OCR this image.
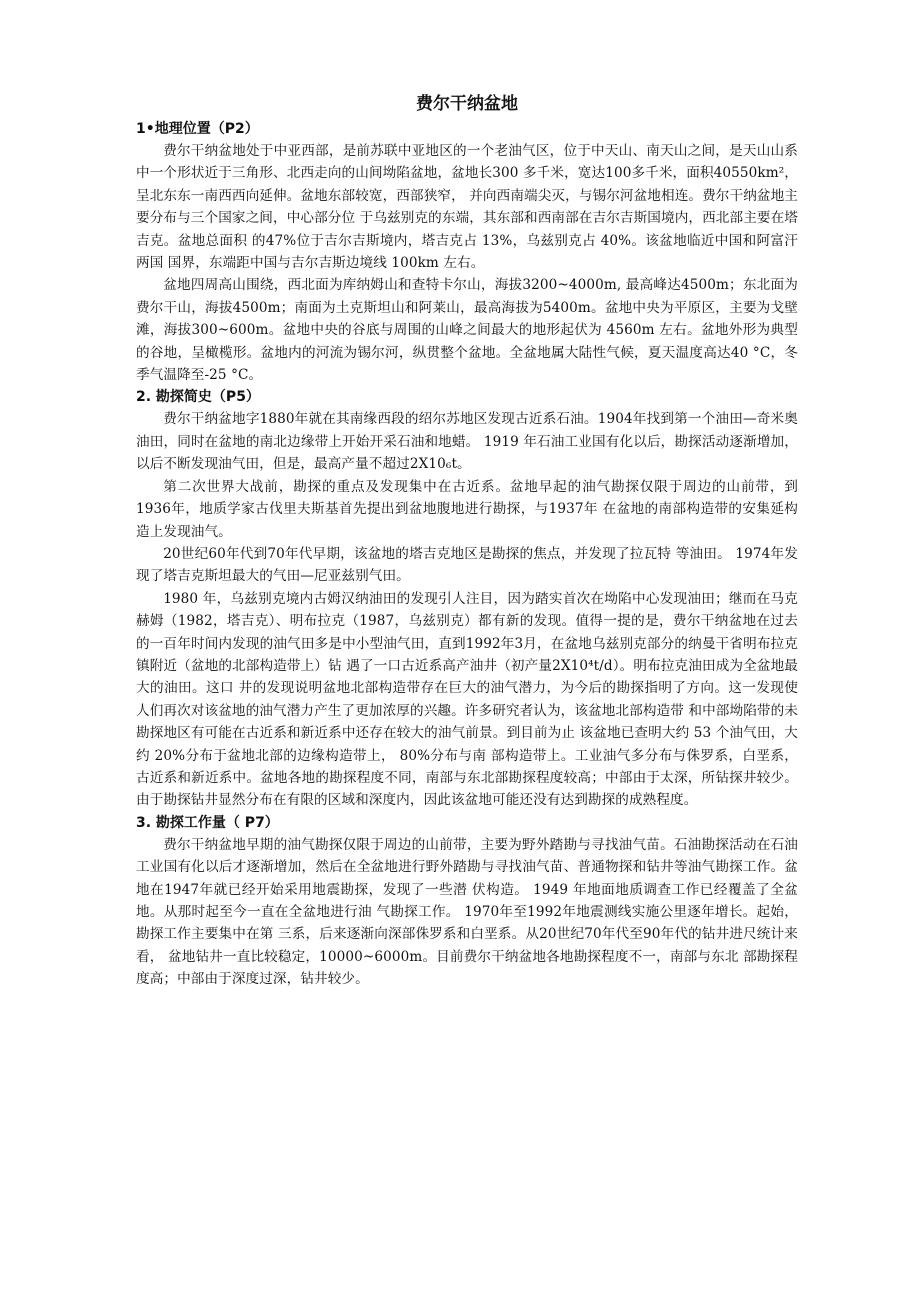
费尔干纳盆地
1•地理位置（P2）

费尔干纳盆地处于中亚西部，是前苏联中亚地区的一个老油气区，位于中天山、南天山之间，是天山山系中一个形状近于三角形、北西走向的山间坳陷盆地，盆地长300 多千米，宽达100多千米，面积40550km²，呈北东东一南西西向延伸。盆地东部较宽，西部狭窄， 并向西南端尖灭，与锡尔河盆地相连。费尔干纳盆地主要分布与三个国家之间，中心部分位 于乌兹别克的东端，其东部和西南部在吉尔吉斯国境内，西北部主要在塔吉克。盆地总面积 的47%位于吉尔吉斯境内，塔吉克占 13%，乌兹别克占 40%。该盆地临近中国和阿富汗两国 国界，东端距中国与吉尔吉斯边境线 100km 左右。

盆地四周高山围绕，西北面为库纳姆山和查特卡尔山，海拔3200~4000m, 最高峰达4500m；东北面为费尔干山，海拔4500m；南面为土克斯坦山和阿莱山，最高海拔为5400m。盆地中央为平原区，主要为戈壁滩，海拔300~600m。盆地中央的谷底与周围的山峰之间最大的地形起伏为 4560m 左右。盆地外形为典型的谷地，呈橄榄形。盆地内的河流为锡尔河，纵贯整个盆地。全盆地属大陆性气候，夏天温度高达40 °C，冬季气温降至-25 °C。

2. 勘探简史（P5）

费尔干纳盆地字1880年就在其南缘西段的绍尔苏地区发现古近系石油。1904年找到第一个油田—奇米奥油田，同时在盆地的南北边缘带上开始开采石油和地蜡。 1919 年石油工业国有化以后，勘探活动逐渐增加，以后不断发现油气田，但是，最高产量不超过2X10₆t。

第二次世界大战前，勘探的重点及发现集中在古近系。盆地早起的油气勘探仅限于周边的山前带，到1936年，地质学家古伐里夫斯基首先提出到盆地腹地进行勘探，与1937年 在盆地的南部构造带的安集延构造上发现油气。

20世纪60年代到70年代早期，该盆地的塔吉克地区是勘探的焦点，并发现了拉瓦特 等油田。 1974年发现了塔吉克斯坦最大的气田—尼亚兹别气田。

1980 年，乌兹别克境内古姆汉纳油田的发现引人注目，因为踏实首次在坳陷中心发现油田；继而在马克赫姆（1982，塔吉克）、明布拉克（1987，乌兹别克）都有新的发现。值得一提的是，费尔干纳盆地在过去的一百年时间内发现的油气田多是中小型油气田，直到1992年3月，在盆地乌兹别克部分的纳曼干省明布拉克镇附近（盆地的北部构造带上）钻 遇了一口古近系高产油井（初产量2X10⁴t/d）。明布拉克油田成为全盆地最大的油田。这口 井的发现说明盆地北部构造带存在巨大的油气潜力，为今后的勘探指明了方向。这一发现使 人们再次对该盆地的油气潜力产生了更加浓厚的兴趣。许多研究者认为，该盆地北部构造带 和中部坳陷带的未勘探地区有可能在古近系和新近系中还存在较大的油气前景。到目前为止 该盆地已查明大约 53 个油气田，大约 20%分布于盆地北部的边缘构造带上， 80%分布与南 部构造带上。工业油气多分布与侏罗系，白垩系，古近系和新近系中。盆地各地的勘探程度不同，南部与东北部勘探程度较高；中部由于太深，所钻探井较少。由于勘探钻井显然分布在有限的区域和深度内，因此该盆地可能还没有达到勘探的成熟程度。

3. 勘探工作量（ P7）

费尔干纳盆地早期的油气勘探仅限于周边的山前带，主要为野外踏勘与寻找油气苗。石油勘探活动在石油工业国有化以后才逐渐增加，然后在全盆地进行野外踏勘与寻找油气苗、普通物探和钻井等油气勘探工作。盆地在1947年就已经开始采用地震勘探，发现了一些潜 伏构造。 1949 年地面地质调查工作已经覆盖了全盆地。从那时起至今一直在全盆地进行油 气勘探工作。 1970年至1992年地震测线实施公里逐年增长。起始，勘探工作主要集中在第 三系，后来逐渐向深部侏罗系和白垩系。从20世纪70年代至90年代的钻井进尺统计来看， 盆地钻井一直比较稳定，10000~6000m。目前费尔干纳盆地各地勘探程度不一，南部与东北 部勘探程度高；中部由于深度过深，钻井较少。
